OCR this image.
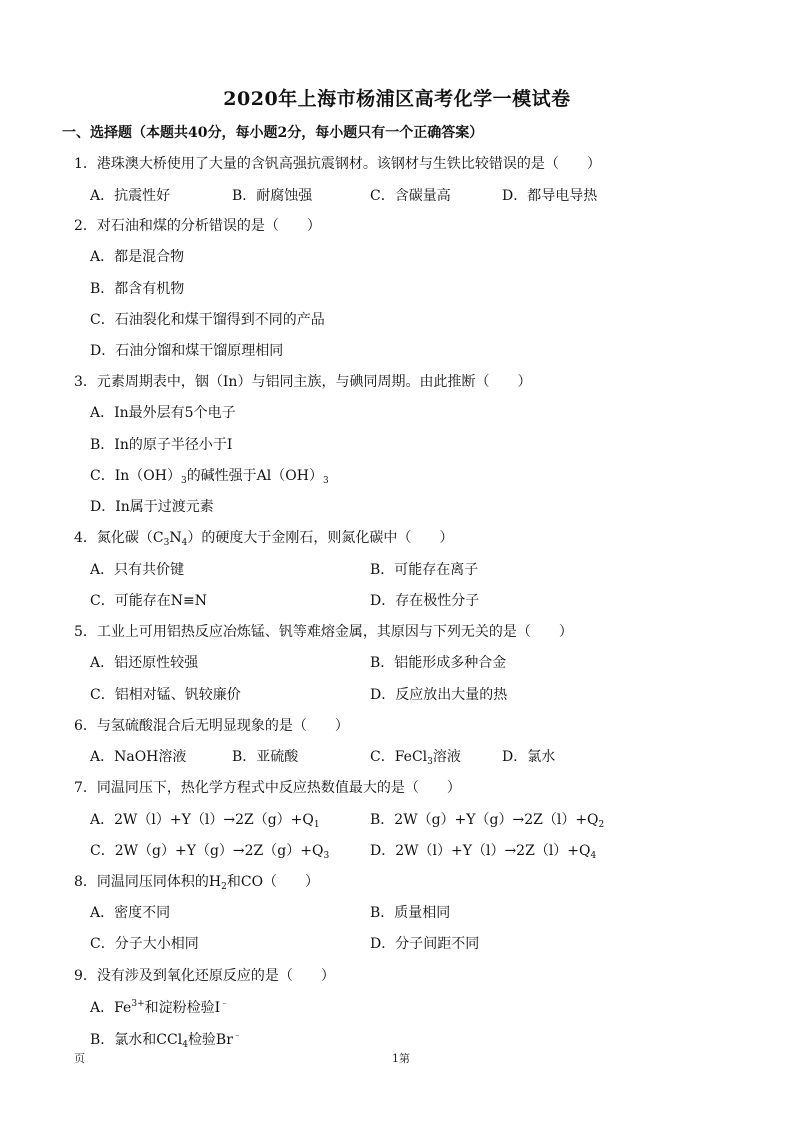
2020年上海市杨浦区高考化学一模试卷
一、选择题（本题共40分，每小题2分，每小题只有一个正确答案）
1．港珠澳大桥使用了大量的含钒高强抗震钢材。该钢材与生铁比较错误的是（　　）
A．抗震性好	B．耐腐蚀强	C．含碳量高	D．都导电导热
2．对石油和煤的分析错误的是（　　）
A．都是混合物
B．都含有机物
C．石油裂化和煤干馏得到不同的产品
D．石油分馏和煤干馏原理相同
3．元素周期表中，铟（In）与铝同主族，与碘同周期。由此推断（　　）
A．In最外层有5个电子
B．In的原子半径小于I
C．$In(OH)_3$的碱性强于$Al(OH)_3$
D．In属于过渡元素
4．氮化碳$(C_3N_4)$的硬度大于金刚石，则氮化碳中（　　）
A．只有共价键	B．可能存在离子
C．可能存在N≡N	D．存在极性分子
5．工业上可用铝热反应冶炼锰、钒等难熔金属，其原因与下列无关的是（　　）
A．铝还原性较强	B．铝能形成多种合金
C．铝相对锰、钒较廉价	D．反应放出大量的热
6．与氢硫酸混合后无明显现象的是（　　）
A．NaOH溶液	B．亚硫酸	C．FeCl$_3$溶液	D．氯水
7．同温同压下，热化学方程式中反应热数值最大的是（　　）
A．$2W(l)+Y(l)\to 2Z(g)+Q_1$	B．$2W(g)+Y(g)\to 2Z(l)+Q_2$
C．$2W(g)+Y(g)\to 2Z(g)+Q_3$	D．$2W(l)+Y(l)\to 2Z(l)+Q_4$
8．同温同压同体积的$H_2$和CO（　　）
A．密度不同	B．质量相同
C．分子大小相同	D．分子间距不同
9．没有涉及到氧化还原反应的是（　　）
A．$Fe^{3+}$和淀粉检验I﹣
B．氯水和CCl$_4$检验Br﹣
页	1第
